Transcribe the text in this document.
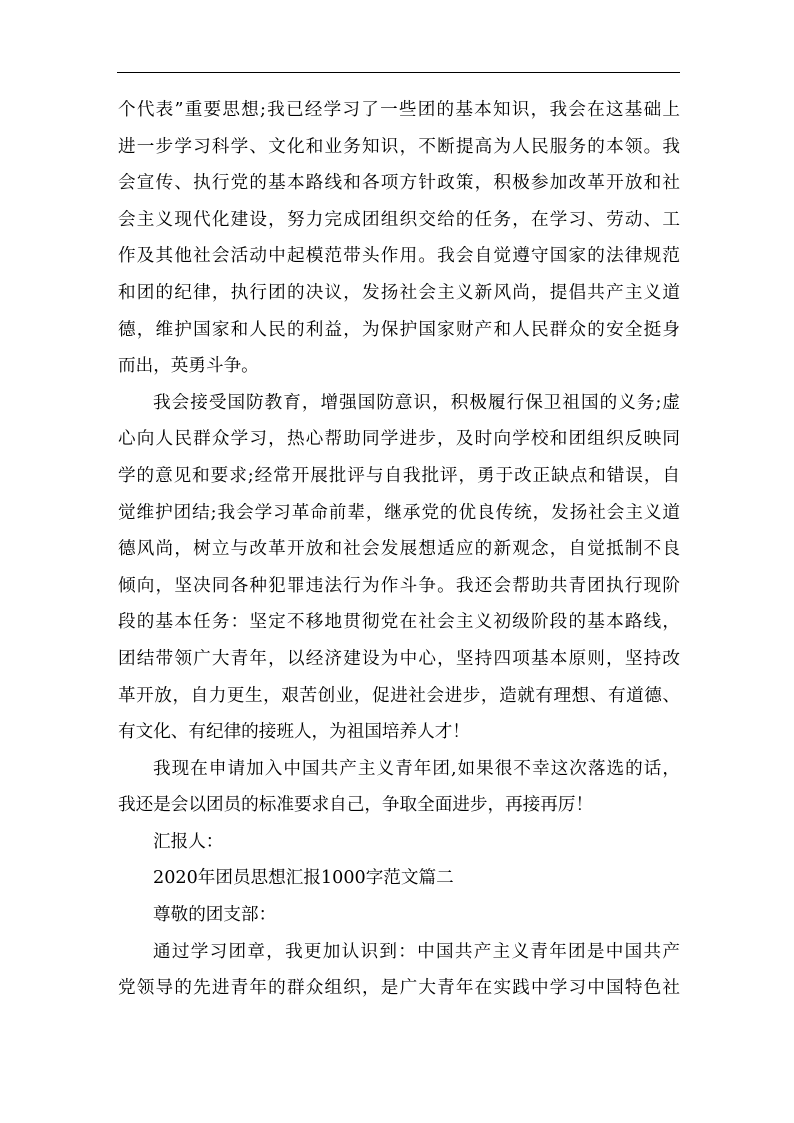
个代表”重要思想;我已经学习了一些团的基本知识，我会在这基础上
进一步学习科学、文化和业务知识，不断提高为人民服务的本领。我
会宣传、执行党的基本路线和各项方针政策，积极参加改革开放和社
会主义现代化建设，努力完成团组织交给的任务，在学习、劳动、工
作及其他社会活动中起模范带头作用。我会自觉遵守国家的法律规范
和团的纪律，执行团的决议，发扬社会主义新风尚，提倡共产主义道
德，维护国家和人民的利益，为保护国家财产和人民群众的安全挺身
而出，英勇斗争。
我会接受国防教育，增强国防意识，积极履行保卫祖国的义务;虚
心向人民群众学习，热心帮助同学进步，及时向学校和团组织反映同
学的意见和要求;经常开展批评与自我批评，勇于改正缺点和错误，自
觉维护团结;我会学习革命前辈，继承党的优良传统，发扬社会主义道
德风尚，树立与改革开放和社会发展想适应的新观念，自觉抵制不良
倾向，坚决同各种犯罪违法行为作斗争。我还会帮助共青团执行现阶
段的基本任务：坚定不移地贯彻党在社会主义初级阶段的基本路线，
团结带领广大青年，以经济建设为中心，坚持四项基本原则，坚持改
革开放，自力更生，艰苦创业，促进社会进步，造就有理想、有道德、
有文化、有纪律的接班人，为祖国培养人才！
我现在申请加入中国共产主义青年团,如果很不幸这次落选的话，
我还是会以团员的标准要求自己，争取全面进步，再接再厉！
汇报人：
2020年团员思想汇报1000字范文篇二
尊敬的团支部：
通过学习团章，我更加认识到：中国共产主义青年团是中国共产
党领导的先进青年的群众组织，是广大青年在实践中学习中国特色社
